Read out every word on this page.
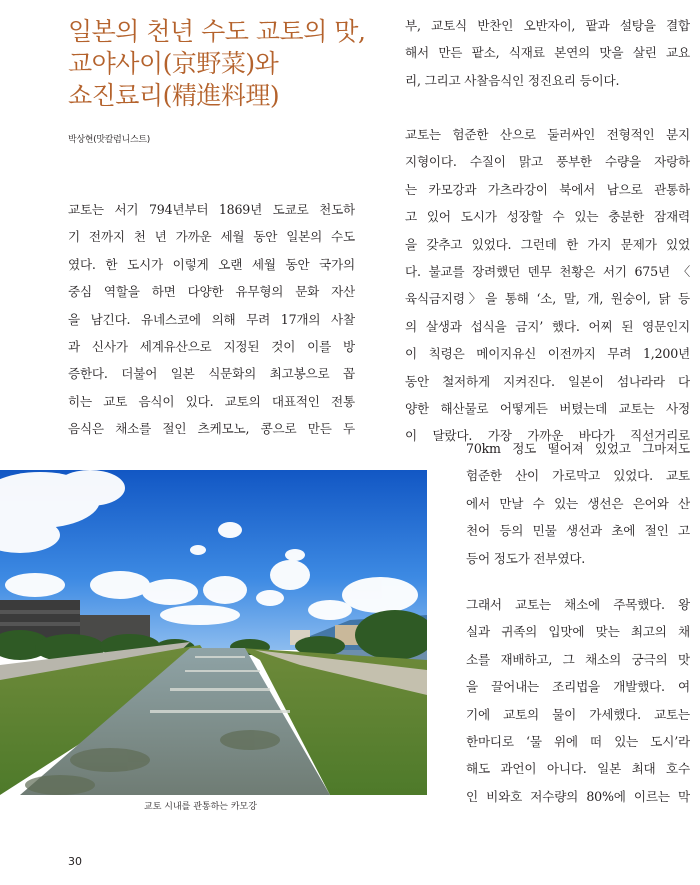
일본의 천년 수도 교토의 맛,
교야사이(京野菜)와
쇼진료리(精進料理)
박상현(맛칼럼니스트)

교토는 서기 794년부터 1869년 도쿄로 천도하
기 전까지 천 년 가까운 세월 동안 일본의 수도
였다. 한 도시가 이렇게 오랜 세월 동안 국가의
중심 역할을 하면 다양한 유무형의 문화 자산
을 남긴다. 유네스코에 의해 무려 17개의 사찰
과 신사가 세계유산으로 지정된 것이 이를 방
증한다. 더불어 일본 식문화의 최고봉으로 꼽
히는 교토 음식이 있다. 교토의 대표적인 전통
음식은 채소를 절인 츠케모노, 콩으로 만든 두

부, 교토식 반찬인 오반자이, 팥과 설탕을 결합
해서 만든 팥소, 식재료 본연의 맛을 살린 교요
리, 그리고 사찰음식인 정진요리 등이다.

교토는 험준한 산으로 둘러싸인 전형적인 분지
지형이다. 수질이 맑고 풍부한 수량을 자랑하
는 카모강과 가츠라강이 북에서 남으로 관통하
고 있어 도시가 성장할 수 있는 충분한 잠재력
을 갖추고 있었다. 그런데 한 가지 문제가 있었
다. 불교를 장려했던 덴무 천황은 서기 675년 〈
육식금지령〉을 통해 ‘소, 말, 개, 원숭이, 닭 등
의 살생과 섭식을 금지’ 했다. 어찌 된 영문인지
이 칙령은 메이지유신 이전까지 무려 1,200년
동안 철저하게 지켜진다. 일본이 섬나라라 다
양한 해산물로 어떻게든 버텼는데 교토는 사정
이 달랐다. 가장 가까운 바다가 직선거리로

70km 정도 떨어져 있었고 그마저도
험준한 산이 가로막고 있었다. 교토
에서 만날 수 있는 생선은 은어와 산
천어 등의 민물 생선과 초에 절인 고
등어 정도가 전부였다.

그래서 교토는 채소에 주목했다. 왕
실과 귀족의 입맛에 맞는 최고의 채
소를 재배하고, 그 채소의 궁극의 맛
을 끌어내는 조리법을 개발했다. 여
기에 교토의 물이 가세했다. 교토는
한마디로 ‘물 위에 떠 있는 도시’라
해도 과언이 아니다. 일본 최대 호수
인 비와호 저수량의 80%에 이르는 막

교토 시내를 관통하는 카모강
30
